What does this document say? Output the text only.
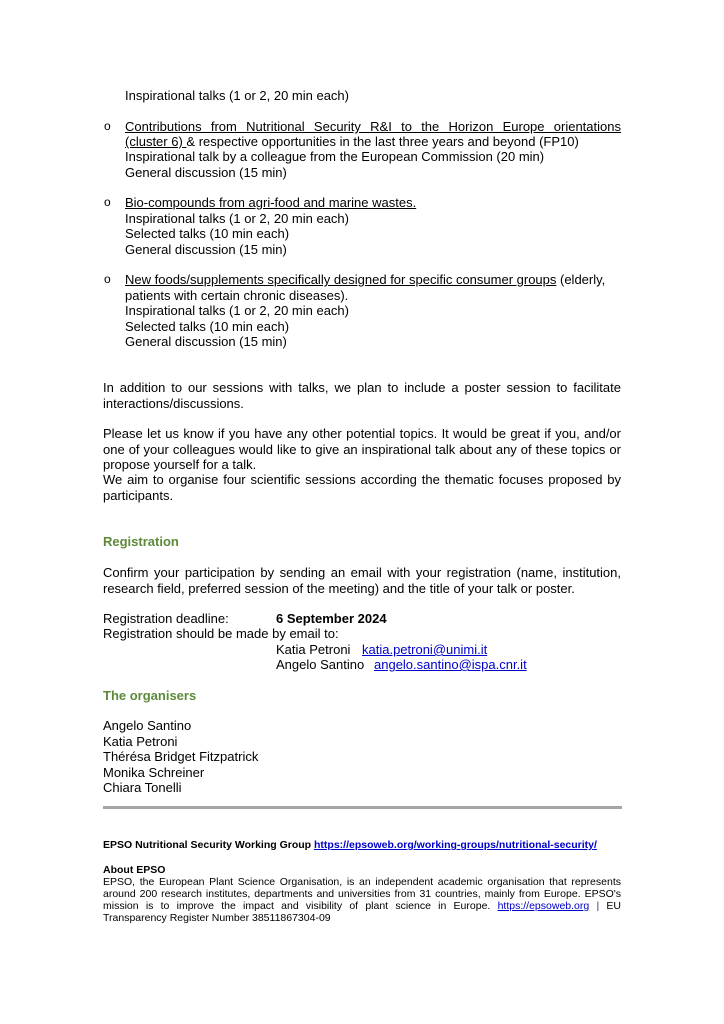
Inspirational talks (1 or 2, 20 min each)
o Contributions from Nutritional Security R&I to the Horizon Europe orientations
(cluster 6) & respective opportunities in the last three years and beyond (FP10)
Inspirational talk by a colleague from the European Commission (20 min)
General discussion (15 min)
o Bio-compounds from agri-food and marine wastes.
Inspirational talks (1 or 2, 20 min each)
Selected talks (10 min each)
General discussion (15 min)
o New foods/supplements specifically designed for specific consumer groups (elderly,
patients with certain chronic diseases).
Inspirational talks (1 or 2, 20 min each)
Selected talks (10 min each)
General discussion (15 min)
In addition to our sessions with talks, we plan to include a poster session to facilitate interactions/discussions.
Please let us know if you have any other potential topics. It would be great if you, and/or one of your colleagues would like to give an inspirational talk about any of these topics or propose yourself for a talk.
We aim to organise four scientific sessions according the thematic focuses proposed by participants.
Registration
Confirm your participation by sending an email with your registration (name, institution, research field, preferred session of the meeting) and the title of your talk or poster.
Registration deadline:	6 September 2024
Registration should be made by email to:
Katia Petroni katia.petroni@unimi.it
Angelo Santino angelo.santino@ispa.cnr.it
The organisers
Angelo Santino
Katia Petroni
Thérésa Bridget Fitzpatrick
Monika Schreiner
Chiara Tonelli
EPSO Nutritional Security Working Group https://epsoweb.org/working-groups/nutritional-security/
About EPSO
EPSO, the European Plant Science Organisation, is an independent academic organisation that represents around 200 research institutes, departments and universities from 31 countries, mainly from Europe. EPSO's mission is to improve the impact and visibility of plant science in Europe. https://epsoweb.org | EU Transparency Register Number 38511867304-09
